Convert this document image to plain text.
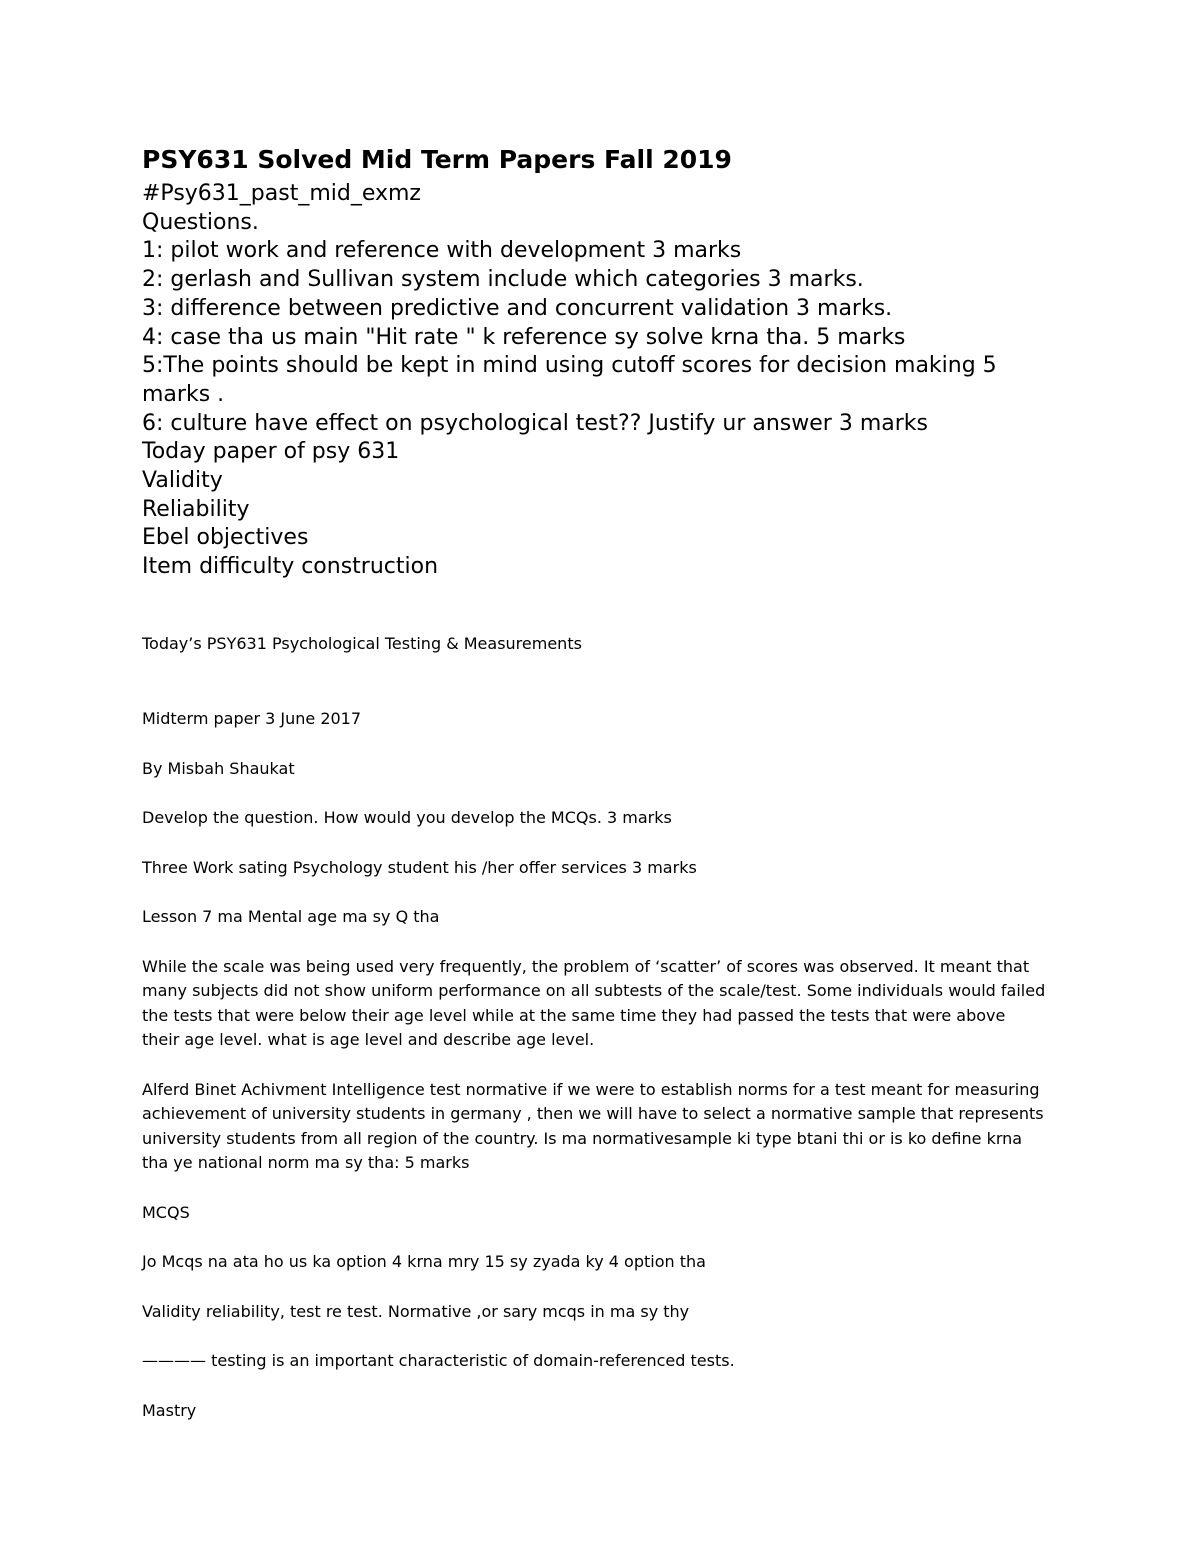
PSY631 Solved Mid Term Papers Fall 2019

#Psy631_past_mid_exmz

Questions.

1: pilot work and reference with development 3 marks

2: gerlash and Sullivan system include which categories 3 marks.

3: difference between predictive and concurrent validation 3 marks.

4: case tha us main "Hit rate " k reference sy solve krna tha. 5 marks

5:The points should be kept in mind using cutoff scores for decision making 5 marks .

6: culture have effect on psychological test?? Justify ur answer 3 marks

Today paper of psy 631

Validity

Reliability

Ebel objectives

Item difficulty construction

Today’s PSY631 Psychological Testing & Measurements

Midterm paper 3 June 2017

By Misbah Shaukat

Develop the question. How would you develop the MCQs. 3 marks

Three Work sating Psychology student his /her offer services 3 marks

Lesson 7 ma Mental age ma sy Q tha

While the scale was being used very frequently, the problem of ‘scatter’ of scores was observed. It meant that many subjects did not show uniform performance on all subtests of the scale/test. Some individuals would failed the tests that were below their age level while at the same time they had passed the tests that were above their age level. what is age level and describe age level.

Alferd Binet Achivment Intelligence test normative if we were to establish norms for a test meant for measuring achievement of university students in germany , then we will have to select a normative sample that represents university students from all region of the country. Is ma normativesample ki type btani thi or is ko define krna tha ye national norm ma sy tha: 5 marks

MCQS

Jo Mcqs na ata ho us ka option 4 krna mry 15 sy zyada ky 4 option tha

Validity reliability, test re test. Normative ,or sary mcqs in ma sy thy

———— testing is an important characteristic of domain-referenced tests.

Mastry
